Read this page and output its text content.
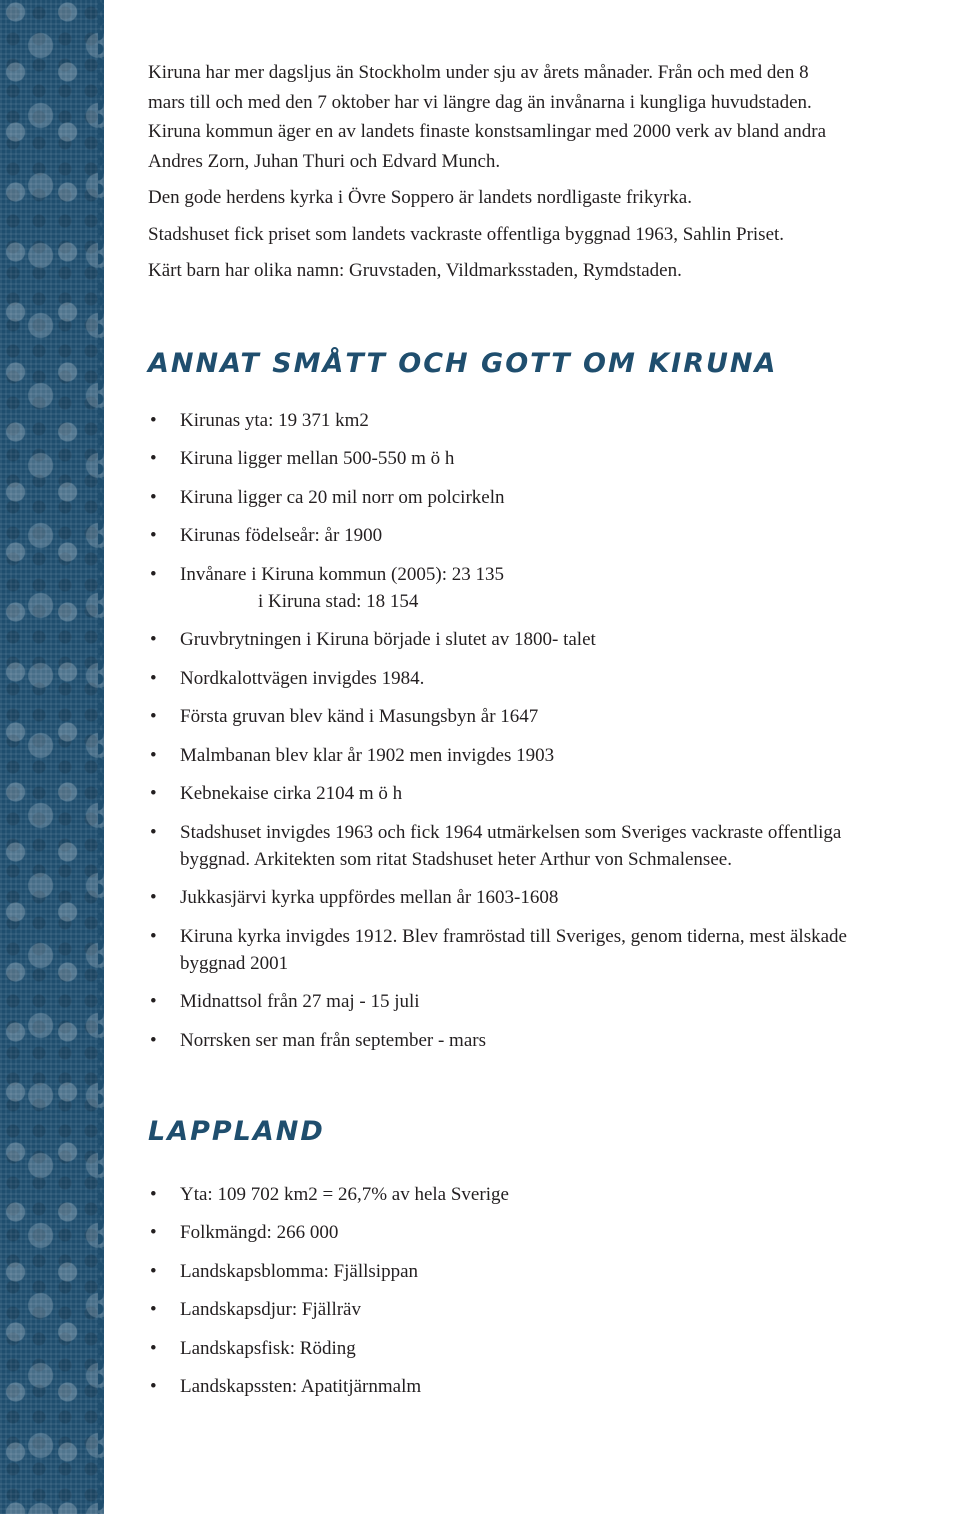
Kiruna har mer dagsljus än Stockholm under sju av årets månader. Från och med den 8

mars till och med den 7 oktober har vi längre dag än invånarna i kungliga huvudstaden.

Kiruna kommun äger en av landets finaste konstsamlingar med 2000 verk av bland andra

Andres Zorn, Juhan Thuri och Edvard Munch.

Den gode herdens kyrka i Övre Soppero är landets nordligaste frikyrka.

Stadshuset fick priset som landets vackraste offentliga byggnad 1963, Sahlin Priset.

Kärt barn har olika namn: Gruvstaden, Vildmarksstaden, Rymdstaden.

ANNAT SMÅTT OCH GOTT OM KIRUNA
• Kirunas yta: 19 371 km2
• Kiruna ligger mellan 500-550 m ö h
• Kiruna ligger ca 20 mil norr om polcirkeln
• Kirunas födelseår: år 1900
• Invånare i Kiruna kommun (2005): 23 135

i Kiruna stad: 18 154
• Gruvbrytningen i Kiruna började i slutet av 1800- talet
• Nordkalottvägen invigdes 1984.
• Första gruvan blev känd i Masungsbyn år 1647
• Malmbanan blev klar år 1902 men invigdes 1903
• Kebnekaise cirka 2104 m ö h
• Stadshuset invigdes 1963 och fick 1964 utmärkelsen som Sveriges vackraste offentliga
byggnad. Arkitekten som ritat Stadshuset heter Arthur von Schmalensee.
• Jukkasjärvi kyrka uppfördes mellan år 1603-1608
• Kiruna kyrka invigdes 1912. Blev framröstad till Sveriges, genom tiderna, mest älskade
byggnad 2001
• Midnattsol från 27 maj - 15 juli
• Norrsken ser man från september - mars
LAPPLAND
• Yta: 109 702 km2 = 26,7% av hela Sverige
• Folkmängd: 266 000
• Landskapsblomma: Fjällsippan
• Landskapsdjur: Fjällräv
• Landskapsfisk: Röding
• Landskapssten: Apatitjärnmalm
